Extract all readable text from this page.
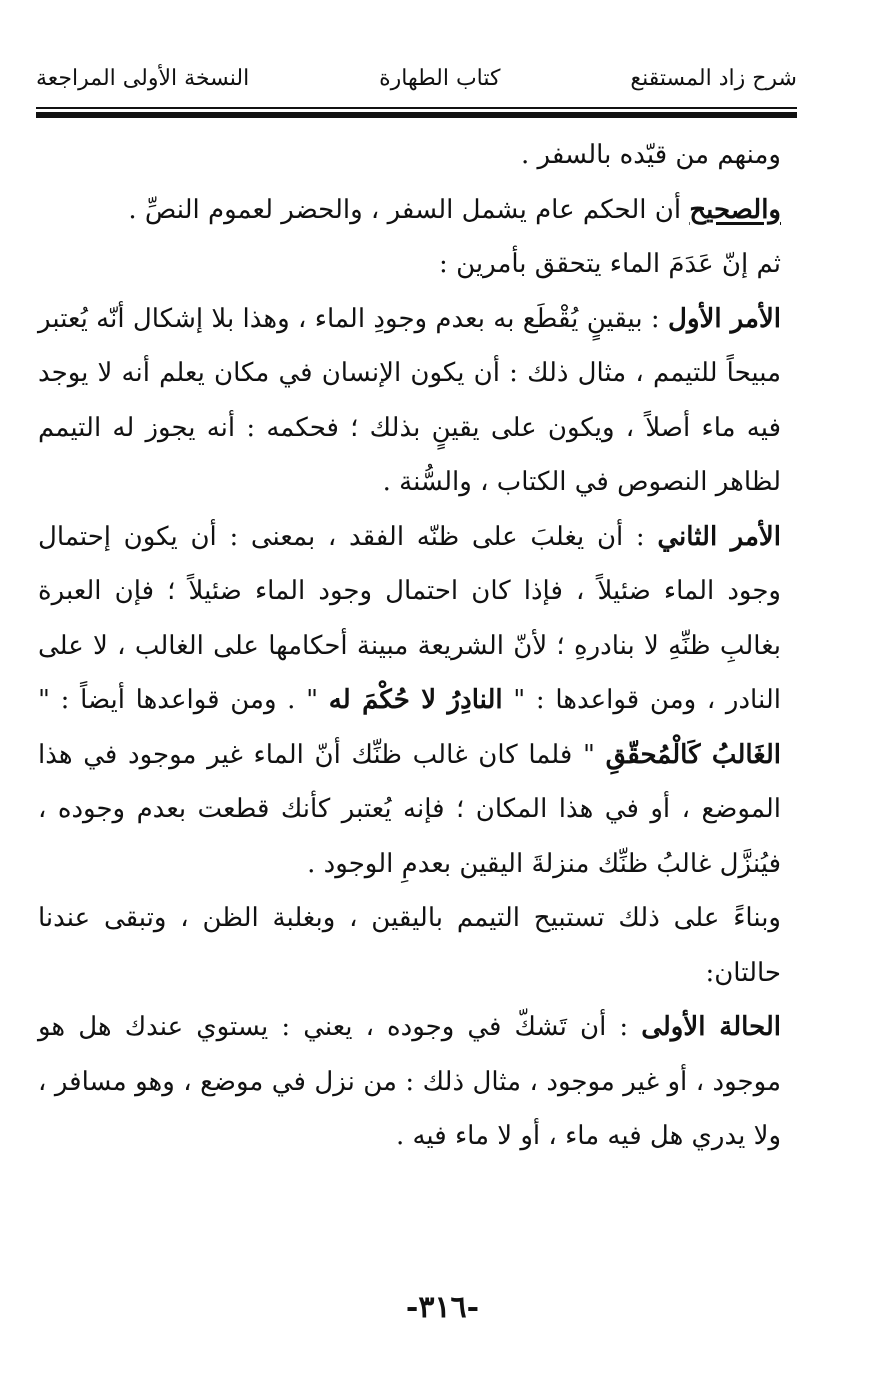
شرح زاد المستقنع
كتاب الطهارة
النسخة الأولى المراجعة

ومنهم من قيّده بالسفر .

والصحيح أن الحكم عام يشمل السفر ، والحضر لعموم النصِّ .

ثم إنّ عَدَمَ الماء يتحقق بأمرين :

الأمر الأول : بيقينٍ يُقْطَع به بعدم وجودِ الماء ، وهذا بلا إشكال أنّه يُعتبر مبيحاً للتيمم ، مثال ذلك : أن يكون الإنسان في مكان يعلم أنه لا يوجد فيه ماء أصلاً ، ويكون على يقينٍ بذلك ؛ فحكمه : أنه يجوز له التيمم لظاهر النصوص في الكتاب ، والسُّنة .

الأمر الثاني : أن يغلبَ على ظنّه الفقد ، بمعنى : أن يكون إحتمال وجود الماء ضئيلاً ، فإذا كان احتمال وجود الماء ضئيلاً ؛ فإن العبرة بغالبِ ظنِّهِ لا بنادرهِ ؛ لأنّ الشريعة مبينة أحكامها على الغالب ، لا على النادر ، ومن قواعدها : " النادِرُ لا حُكْمَ له " . ومن قواعدها أيضاً : " الغَالبُ كَالْمُحقّقِ " فلما كان غالب ظنِّك أنّ الماء غير موجود في هذا الموضع ، أو في هذا المكان ؛ فإنه يُعتبر كأنك قطعت بعدم وجوده ، فيُنزَّل غالبُ ظنِّك منزلةَ اليقين بعدمِ الوجود .

وبناءً على ذلك تستبيح التيمم باليقين ، وبغلبة الظن ، وتبقى عندنا حالتان:

الحالة الأولى : أن تَشكّ في وجوده ، يعني : يستوي عندك هل هو موجود ، أو غير موجود ، مثال ذلك : من نزل في موضع ، وهو مسافر ، ولا يدري هل فيه ماء ، أو لا ماء فيه .

-٣١٦-
